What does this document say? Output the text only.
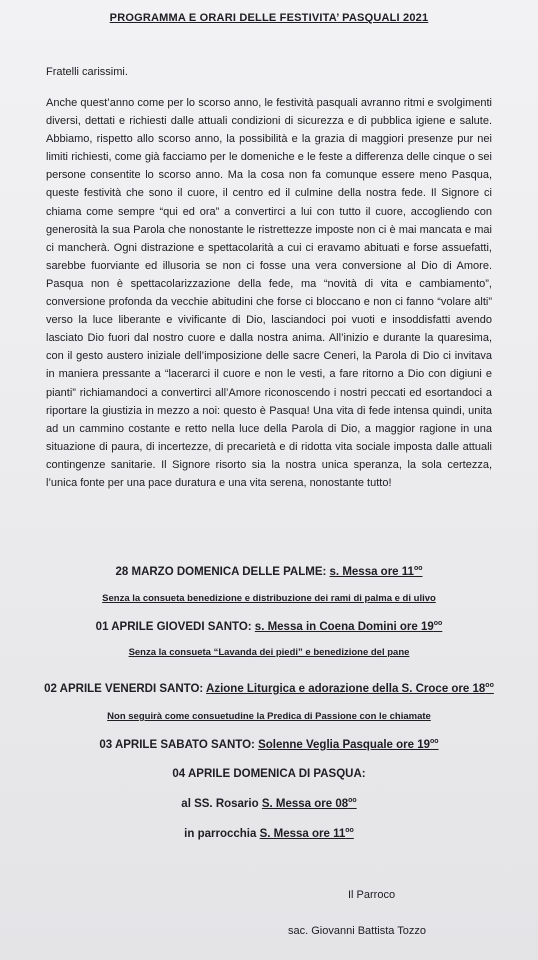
PROGRAMMA E ORARI DELLE FESTIVITA’ PASQUALI 2021
Fratelli carissimi.

Anche quest’anno come per lo scorso anno, le festività pasquali avranno ritmi e svolgimenti diversi, dettati e richiesti dalle attuali condizioni di sicurezza e di pubblica igiene e salute. Abbiamo, rispetto allo scorso anno, la possibilità e la grazia di maggiori presenze pur nei limiti richiesti, come già facciamo per le domeniche e le feste a differenza delle cinque o sei persone consentite lo scorso anno. Ma la cosa non fa comunque essere meno Pasqua, queste festività che sono il cuore, il centro ed il culmine della nostra fede. Il Signore ci chiama come sempre “qui ed ora” a convertirci a lui con tutto il cuore, accogliendo con generosità la sua Parola che nonostante le ristrettezze imposte non ci è mai mancata e mai ci mancherà. Ogni distrazione e spettacolarità a cui ci eravamo abituati e forse assuefatti, sarebbe fuorviante ed illusoria se non ci fosse una vera conversione al Dio di Amore. Pasqua non è spettacolarizzazione della fede, ma “novità di vita e cambiamento”, conversione profonda da vecchie abitudini che forse ci bloccano e non ci fanno “volare alti” verso la luce liberante e vivificante di Dio, lasciandoci poi vuoti e insoddisfatti avendo lasciato Dio fuori dal nostro cuore e dalla nostra anima. All’inizio e durante la quaresima, con il gesto austero iniziale dell’imposizione delle sacre Ceneri, la Parola di Dio ci invitava in maniera pressante a “lacerarci il cuore e non le vesti, a fare ritorno a Dio con digiuni e pianti” richiamandoci a convertirci all’Amore riconoscendo i nostri peccati ed esortandoci a riportare la giustizia in mezzo a noi: questo è Pasqua! Una vita di fede intensa quindi, unita ad un cammino costante e retto nella luce della Parola di Dio, a maggior ragione in una situazione di paura, di incertezze, di precarietà e di ridotta vita sociale imposta dalle attuali contingenze sanitarie. Il Signore risorto sia la nostra unica speranza, la sola certezza, l’unica fonte per una pace duratura e una vita serena, nonostante tutto!

28 MARZO DOMENICA DELLE PALME: s. Messa ore $11^{oo}$
Senza la consueta benedizione e distribuzione dei rami di palma e di ulivo
01 APRILE GIOVEDI SANTO: s. Messa in Coena Domini ore $19^{oo}$
Senza la consueta “Lavanda dei piedi” e benedizione del pane
02 APRILE VENERDI SANTO: Azione Liturgica e adorazione della S. Croce ore $18^{oo}$
Non seguirà come consuetudine la Predica di Passione con le chiamate
03 APRILE SABATO SANTO: Solenne Veglia Pasquale ore $19^{oo}$
04 APRILE DOMENICA DI PASQUA:
al SS. Rosario S. Messa ore $08^{oo}$
in parrocchia S. Messa ore $11^{oo}$
Il Parroco
sac. Giovanni Battista Tozzo
